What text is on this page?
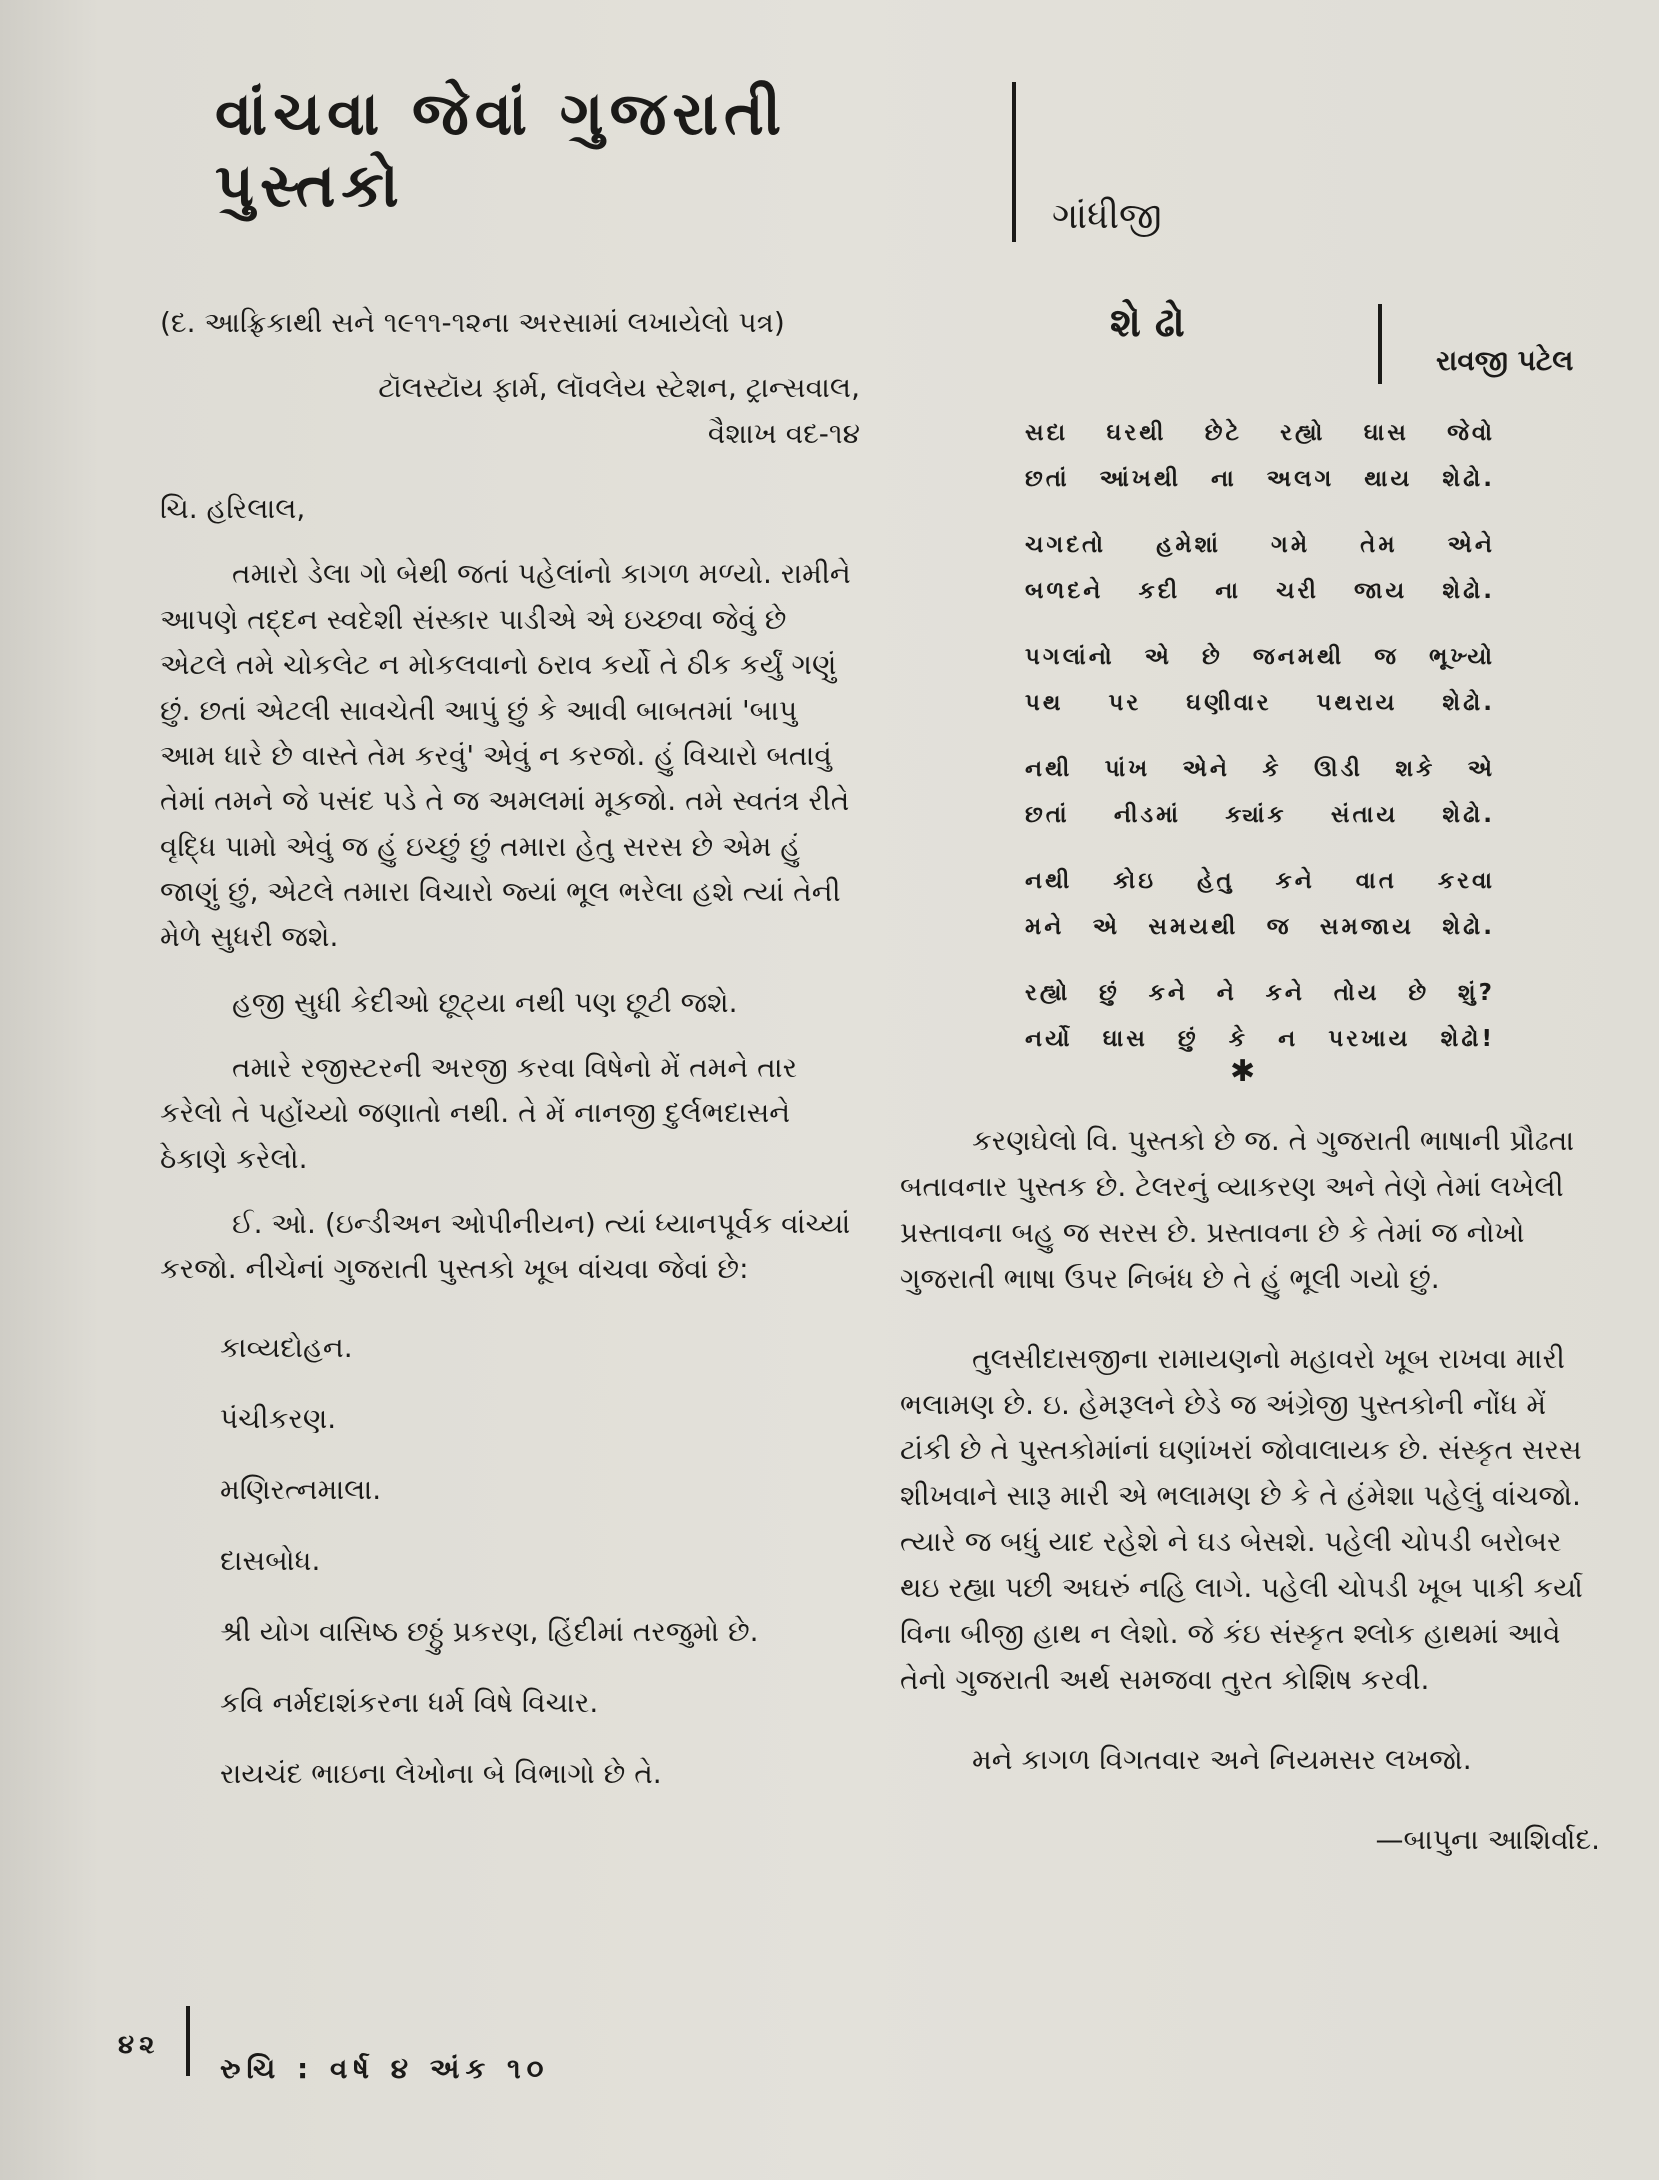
વાંચવા જેવાં ગુજરાતી પુસ્તકો	ગાંધીજી

(દ. આફ્રિકાથી સને ૧૯૧૧-૧૨ના અરસામાં લખાયેલો પત્ર)

ટૉલસ્ટૉય ફાર્મ, લૉવલેય સ્ટેશન, ટ્રાન્સવાલ,
વૈશાખ વદ-૧૪

ચિ. હરિલાલ,

તમારો ડેલા ગો બેથી જતાં પહેલાંનો કાગળ મળ્યો. રામીને આપણે તદ્દન સ્વદેશી સંસ્કાર પાડીએ એ ઇચ્છવા જેવું છે એટલે તમે ચોકલેટ ન મોકલવાનો ઠરાવ કર્યો તે ઠીક કર્યું ગણું છું. છતાં એટલી સાવચેતી આપું છું કે આવી બાબતમાં 'બાપુ આમ ધારે છે વાસ્તે તેમ કરવું' એવું ન કરજો. હું વિચારો બતાવું તેમાં તમને જે પસંદ પડે તે જ અમલમાં મૂકજો. તમે સ્વતંત્ર રીતે વૃદ્ધિ પામો એવું જ હું ઇચ્છું છું તમારા હેતુ સરસ છે એમ હું જાણું છું, એટલે તમારા વિચારો જ્યાં ભૂલ ભરેલા હશે ત્યાં તેની મેળે સુધરી જશે.

હજી સુધી કેદીઓ છૂટ્યા નથી પણ છૂટી જશે.

તમારે રજીસ્ટરની અરજી કરવા વિષેનો મેં તમને તાર કરેલો તે પહોંચ્યો જણાતો નથી. તે મેં નાનજી દુર્લભદાસને ઠેકાણે કરેલો.

ઈ. ઓ. (ઇન્ડીઅન ઓપીનીયન) ત્યાં ધ્યાનપૂર્વક વાંચ્યાં કરજો. નીચેનાં ગુજરાતી પુસ્તકો ખૂબ વાંચવા જેવાં છે:

કાવ્યદોહન.
પંચીકરણ.
મણિરત્નમાલા.
દાસબોધ.
શ્રી યોગ વાસિષ્ઠ છઠ્ઠું પ્રકરણ, હિંદીમાં તરજુમો છે.
કવિ નર્મદાશંકરના ધર્મ વિષે વિચાર.
રાયચંદ ભાઇના લેખોના બે વિભાગો છે તે.
શેઢો
રાવજી પટેલ
સદા ઘરથી છેટે રહ્યો ઘાસ જેવો
છતાં આંખથી ના અલગ થાય શેઢો.
ચગદતો હમેશાં ગમે તેમ એને
બળદને કદી ના ચરી જાય શેઢો.
પગલાંનો એ છે જનમથી જ ભૂખ્યો
પથ પર ઘણીવાર પથરાય શેઢો.
નથી પાંખ એને કે ઊડી શકે એ
છતાં નીડમાં ક્યાંક સંતાય શેઢો.
નથી કોઇ હેતુ કને વાત કરવા
મને એ સમયથી જ સમજાય શેઢો.
રહ્યો છું કને ને કને તોય છે શું?
નર્યો ઘાસ છું કે ન પરખાય શેઢો!
✱

કરણઘેલો વિ. પુસ્તકો છે જ. તે ગુજરાતી ભાષાની પ્રૌઢતા બતાવનાર પુસ્તક છે. ટેલરનું વ્યાકરણ અને તેણે તેમાં લખેલી પ્રસ્તાવના બહુ જ સરસ છે. પ્રસ્તાવના છે કે તેમાં જ નોખો ગુજરાતી ભાષા ઉપર નિબંધ છે તે હું ભૂલી ગયો છું.

તુલસીદાસજીના રામાયણનો મહાવરો ખૂબ રાખવા મારી ભલામણ છે. ઇ. હેમરૂલને છેડે જ અંગ્રેજી પુસ્તકોની નોંધ મેં ટાંકી છે તે પુસ્તકોમાંનાં ઘણાંખરાં જોવાલાયક છે. સંસ્કૃત સરસ શીખવાને સારૂ મારી એ ભલામણ છે કે તે હંમેશા પહેલું વાંચજો. ત્યારે જ બધું યાદ રહેશે ને ઘડ બેસશે. પહેલી ચોપડી બરોબર થઇ રહ્યા પછી અઘરું નહિ લાગે. પહેલી ચોપડી ખૂબ પાકી કર્યા વિના બીજી હાથ ન લેશો. જે કંઇ સંસ્કૃત શ્લોક હાથમાં આવે તેનો ગુજરાતી અર્થ સમજવા તુરત કોશિષ કરવી.

મને કાગળ વિગતવાર અને નિયમસર લખજો.

—બાપુના આશિર્વાદ.

૪૨
રુચિ : વર્ષ ૪ અંક ૧૦
